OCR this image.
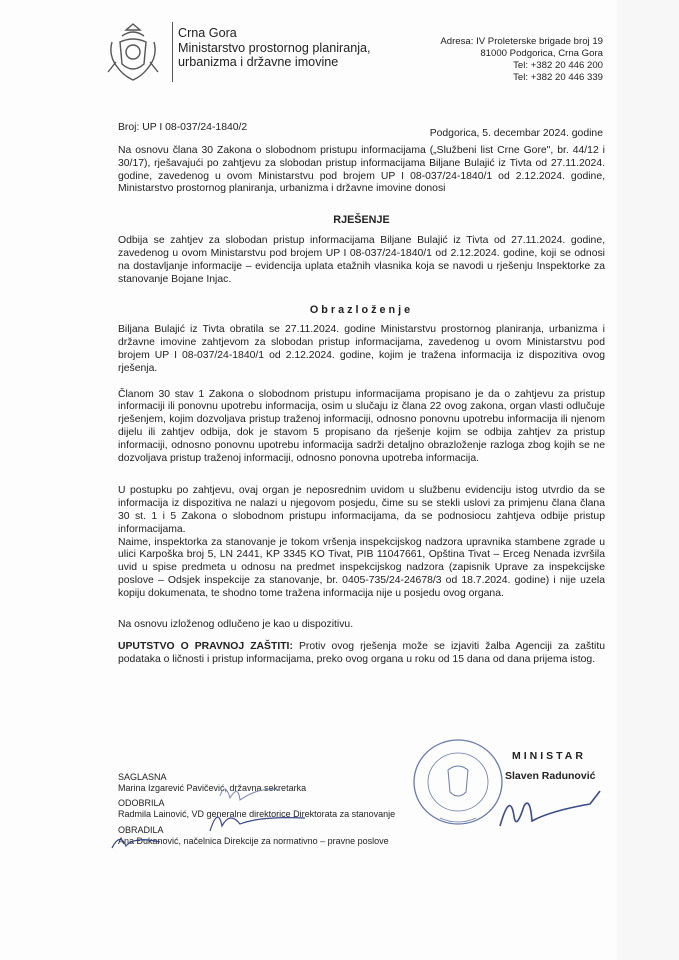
Crna Gora
Ministarstvo prostornog planiranja,
urbanizma i državne imovine
Adresa: IV Proleterske brigade broj 19
81000 Podgorica, Crna Gora
Tel: +382 20 446 200
Tel: +382 20 446 339
Broj: UP I 08-037/24-1840/2
Podgorica, 5. decembar 2024. godine
Na osnovu člana 30 Zakona o slobodnom pristupu informacijama („Službeni list Crne Gore", br. 44/12 i 30/17), rješavajući po zahtjevu za slobodan pristup informacijama Biljane Bulajić iz Tivta od 27.11.2024. godine, zavedenog u ovom Ministarstvu pod brojem UP I 08-037/24-1840/1 od 2.12.2024. godine, Ministarstvo prostornog planiranja, urbanizma i državne imovine donosi
RJEŠENJE
Odbija se zahtjev za slobodan pristup informacijama Biljane Bulajić iz Tivta od 27.11.2024. godine, zavedenog u ovom Ministarstvu pod brojem UP I 08-037/24-1840/1 od 2.12.2024. godine, koji se odnosi na dostavljanje informacije – evidencija uplata etažnih vlasnika koja se navodi u rješenju Inspektorke za stanovanje Bojane Injac.
Obrazloženje
Biljana Bulajić iz Tivta obratila se 27.11.2024. godine Ministarstvu prostornog planiranja, urbanizma i državne imovine zahtjevom za slobodan pristup informacijama, zavedenog u ovom Ministarstvu pod brojem UP I 08-037/24-1840/1 od 2.12.2024. godine, kojim je tražena informacija iz dispozitiva ovog rješenja.
Članom 30 stav 1 Zakona o slobodnom pristupu informacijama propisano je da o zahtjevu za pristup informaciji ili ponovnu upotrebu informacija, osim u slučaju iz člana 22 ovog zakona, organ vlasti odlučuje rješenjem, kojim dozvoljava pristup traženoj informaciji, odnosno ponovnu upotrebu informacija ili njenom dijelu ili zahtjev odbija, dok je stavom 5 propisano da rješenje kojim se odbija zahtjev za pristup informaciji, odnosno ponovnu upotrebu informacija sadrži detaljno obrazloženje razloga zbog kojih se ne dozvoljava pristup traženoj informaciji, odnosno ponovna upotreba informacija.
U postupku po zahtjevu, ovaj organ je neposrednim uvidom u službenu evidenciju istog utvrdio da se informacija iz dispozitiva ne nalazi u njegovom posjedu, čime su se stekli uslovi za primjenu člana člana 30 st. 1 i 5 Zakona o slobodnom pristupu informacijama, da se podnosiocu zahtjeva odbije pristup informacijama.
Naime, inspektorka za stanovanje je tokom vršenja inspekcijskog nadzora upravnika stambene zgrade u ulici Karpoška broj 5, LN 2441, KP 3345 KO Tivat, PIB 11047661, Opština Tivat – Erceg Nenada izvršila uvid u spise predmeta u odnosu na predmet inspekcijskog nadzora (zapisnik Uprave za inspekcijske poslove – Odsjek inspekcije za stanovanje, br. 0405-735/24-24678/3 od 18.7.2024. godine) i nije uzela kopiju dokumenata, te shodno tome tražena informacija nije u posjedu ovog organa.
Na osnovu izloženog odlučeno je kao u dispozitivu.
UPUTSTVO O PRAVNOJ ZAŠTITI: Protiv ovog rješenja može se izjaviti žalba Agenciji za zaštitu podataka o ličnosti i pristup informacijama, preko ovog organa u roku od 15 dana od dana prijema istog.
MINISTAR
Slaven Radunović
SAGLASNA
Marina Izgarević Pavičević, državna sekretarka
ODOBRILA
Radmila Lainović, VD generalne direktorice Direktorata za stanovanje
OBRADILA
Ana Đukanović, načelnica Direkcije za normativno – pravne poslove
